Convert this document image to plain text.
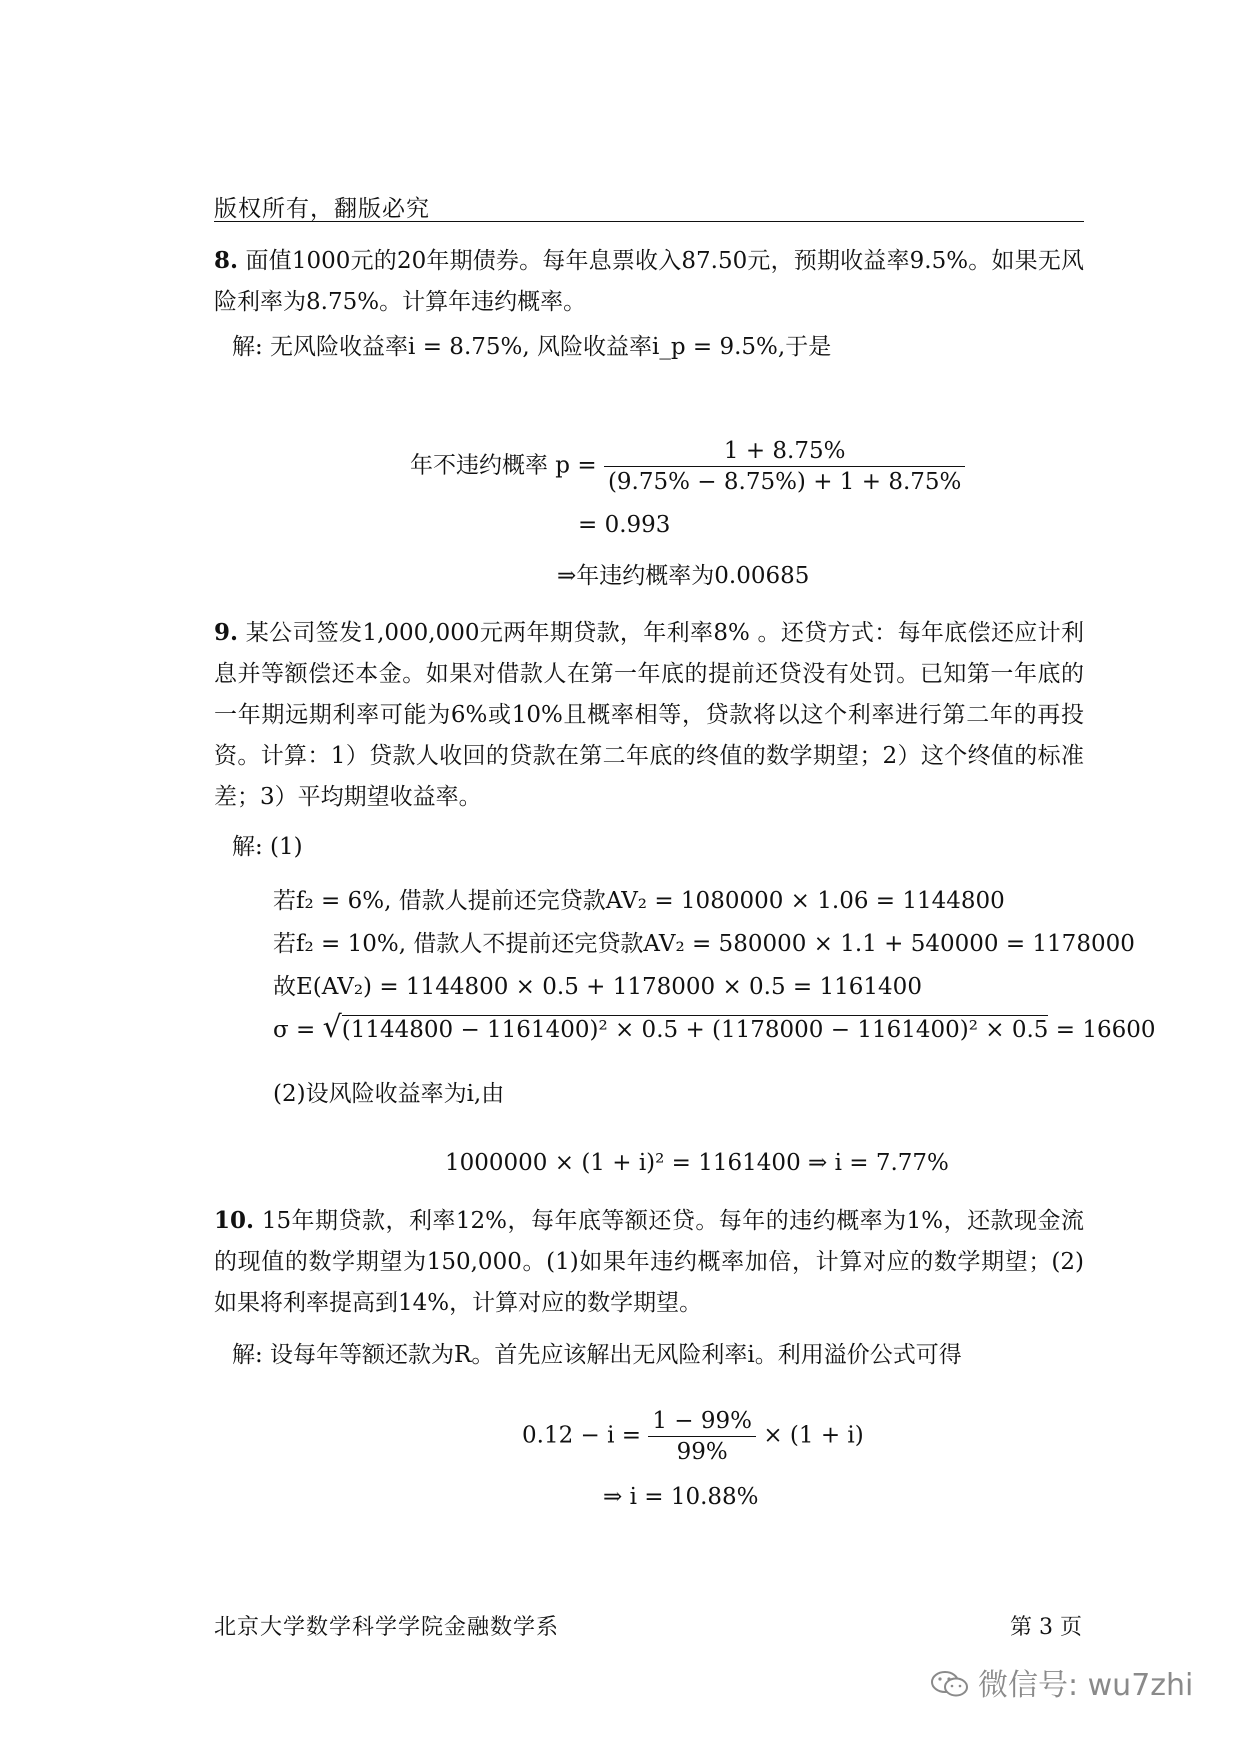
版权所有，翻版必究
8. 面值1000元的20年期债券。每年息票收入87.50元，预期收益率9.5%。如果无风险利率为8.75%。计算年违约概率。
解: 无风险收益率i = 8.75%, 风险收益率i_p = 9.5%,于是
年不违约概率 $p = \frac{1 + 8.75\%}{(9.75\% - 8.75\%) + 1 + 8.75\%}$
= 0.993
⇒年违约概率为0.00685
9. 某公司签发1,000,000元两年期贷款，年利率8% 。还贷方式：每年底偿还应计利息并等额偿还本金。如果对借款人在第一年底的提前还贷没有处罚。已知第一年底的一年期远期利率可能为6%或10%且概率相等，贷款将以这个利率进行第二年的再投资。计算：1）贷款人收回的贷款在第二年底的终值的数学期望；2）这个终值的标准差；3）平均期望收益率。
解: (1)
若f₂ = 6%, 借款人提前还完贷款AV₂ = 1080000 × 1.06 = 1144800
若f₂ = 10%, 借款人不提前还完贷款AV₂ = 580000 × 1.1 + 540000 = 1178000
故E(AV₂) = 1144800 × 0.5 + 1178000 × 0.5 = 1161400
σ = √(1144800 − 1161400)² × 0.5 + (1178000 − 1161400)² × 0.5 = 16600
(2)设风险收益率为i,由
1000000 × (1 + i)² = 1161400 ⇒ i = 7.77%
10. 15年期贷款，利率12%，每年底等额还贷。每年的违约概率为1%，还款现金流的现值的数学期望为150,000。(1)如果年违约概率加倍，计算对应的数学期望；(2)如果将利率提高到14%，计算对应的数学期望。
解: 设每年等额还款为R。首先应该解出无风险利率i。利用溢价公式可得
$0.12 - i = \frac{1 - 99\%}{99\%} \times (1 + i)$
⇒ i = 10.88%
北京大学数学科学学院金融数学系	第 3 页
微信号: wu7zhi
